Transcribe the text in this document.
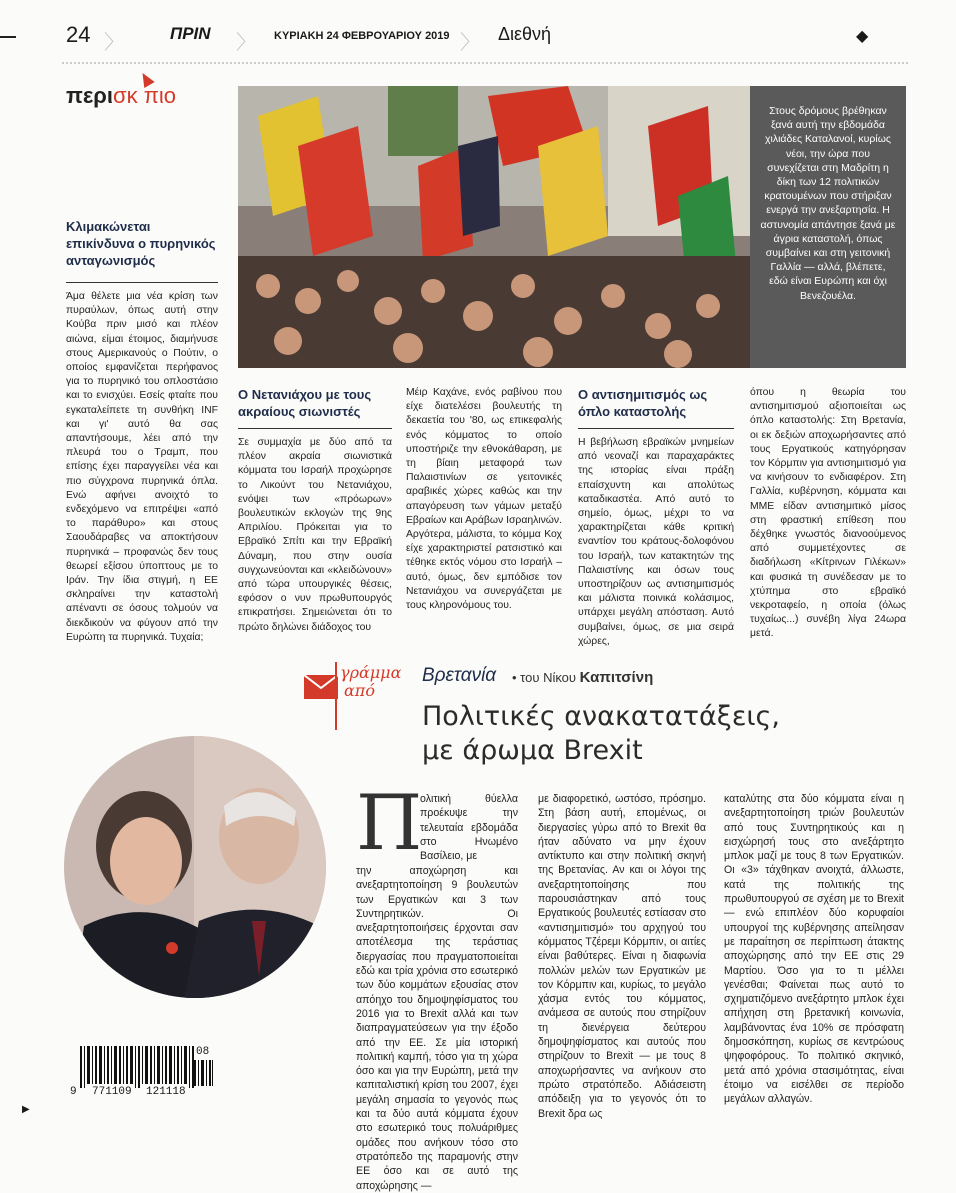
24 〉	ΠΡΙΝ 〉 ΚΥΡΙΑΚΗ 24 ΦΕΒΡΟΥΑΡΙΟΥ 2019 〉 Διεθνή	◆
περισκ πιο
Στους δρόμους βρέθηκαν ξανά αυτή την εβδομάδα χιλιάδες Καταλανοί, κυρίως νέοι, την ώρα που συνεχίζεται στη Μαδρίτη η δίκη των 12 πολιτικών κρατουμένων που στήριξαν ενεργά την ανεξαρτησία. Η αστυνομία απάντησε ξανά με άγρια καταστολή, όπως συμβαίνει και στη γειτονική Γαλλία — αλλά, βλέπετε, εδώ είναι Ευρώπη και όχι Βενεζουέλα.
Κλιμακώνεται επικίνδυνα ο πυρηνικός ανταγωνισμός
Άμα θέλετε μια νέα κρίση των πυραύλων, όπως αυτή στην Κούβα πριν μισό και πλέον αιώνα, είμαι έτοιμος, διαμήνυσε στους Αμερικανούς ο Πούτιν, ο οποίος εμφανίζεται περήφανος για το πυρηνικό του οπλοστάσιο και το ενισχύει. Εσείς φταίτε που εγκαταλείπετε τη συνθήκη INF και γι' αυτό θα σας απαντήσουμε, λέει από την πλευρά του ο Τραμπ, που επίσης έχει παραγγείλει νέα και πιο σύγχρονα πυρηνικά όπλα. Ενώ αφήνει ανοιχτό το ενδεχόμενο να επιτρέψει «από το παράθυρο» και στους Σαουδάραβες να αποκτήσουν πυρηνικά – προφανώς δεν τους θεωρεί εξίσου ύποπτους με το Ιράν. Την ίδια στιγμή, η ΕΕ σκληραίνει την καταστολή απέναντι σε όσους τολμούν να διεκδικούν να φύγουν από την Ευρώπη τα πυρηνικά. Τυχαία;
Ο Νετανιάχου με τους ακραίους σιωνιστές
Σε συμμαχία με δύο από τα πλέον ακραία σιωνιστικά κόμματα του Ισραήλ προχώρησε το Λικούντ του Νετανιάχου, ενόψει των «πρόωρων» βουλευτικών εκλογών της 9ης Απριλίου. Πρόκειται για το Εβραϊκό Σπίτι και την Εβραϊκή Δύναμη, που στην ουσία συγχωνεύονται και «κλειδώνουν» από τώρα υπουργικές θέσεις, εφόσον ο νυν πρωθυπουργός επικρατήσει. Σημειώνεται ότι το πρώτο δηλώνει διάδοχος του
Μέιρ Καχάνε, ενός ραβίνου που είχε διατελέσει βουλευτής τη δεκαετία του '80, ως επικεφαλής ενός κόμματος το οποίο υποστήριζε την εθνοκάθαρση, με τη βίαιη μεταφορά των Παλαιστινίων σε γειτονικές αραβικές χώρες καθώς και την απαγόρευση των γάμων μεταξύ Εβραίων και Αράβων Ισραηλινών. Αργότερα, μάλιστα, το κόμμα Κοχ είχε χαρακτηριστεί ρατσιστικό και τέθηκε εκτός νόμου στο Ισραήλ – αυτό, όμως, δεν εμπόδισε τον Νετανιάχου να συνεργάζεται με τους κληρονόμους του.
Ο αντισημιτισμός ως όπλο καταστολής
Η βεβήλωση εβραϊκών μνημείων από νεοναζί και παραχαράκτες της ιστορίας είναι πράξη επαίσχυντη και απολύτως καταδικαστέα. Από αυτό το σημείο, όμως, μέχρι το να χαρακτηρίζεται κάθε κριτική εναντίον του κράτους-δολοφόνου του Ισραήλ, των κατακτητών της Παλαιστίνης και όσων τους υποστηρίζουν ως αντισημιτισμός και μάλιστα ποινικά κολάσιμος, υπάρχει μεγάλη απόσταση. Αυτό συμβαίνει, όμως, σε μια σειρά χώρες,
όπου η θεωρία του αντισημιτισμού αξιοποιείται ως όπλο καταστολής: Στη Βρετανία, οι εκ δεξιών αποχωρήσαντες από τους Εργατικούς κατηγόρησαν τον Κόρμπιν για αντισημιτισμό για να κινήσουν το ενδιαφέρον. Στη Γαλλία, κυβέρνηση, κόμματα και ΜΜΕ είδαν αντισημιτικό μίσος στη φραστική επίθεση που δέχθηκε γνωστός διανοούμενος από συμμετέχοντες σε διαδήλωση «Κίτρινων Γιλέκων» και φυσικά τη συνέδεσαν με το χτύπημα στο εβραϊκό νεκροταφείο, η οποία (όλως τυχαίως...) συνέβη λίγα 24ωρα μετά.
γράμμα
από
Βρετανία • του Νίκου Καπιτσίνη
Πολιτικές ανακατατάξεις,
με άρωμα Brexit
Π
ολιτική θύελλα προέκυψε την τελευταία εβδομάδα στο Ηνωμένο Βασίλειο, με
την αποχώρηση και ανεξαρτητοποίηση 9 βουλευτών των Εργατικών και 3 των Συντηρητικών. Οι ανεξαρτητοποιήσεις έρχονται σαν αποτέλεσμα της τεράστιας διεργασίας που πραγματοποιείται εδώ και τρία χρόνια στο εσωτερικό των δύο κομμάτων εξουσίας στον απόηχο του δημοψηφίσματος του 2016 για το Brexit αλλά και των διαπραγματεύσεων για την έξοδο από την ΕΕ. Σε μία ιστορική πολιτική καμπή, τόσο για τη χώρα όσο και για την Ευρώπη, μετά την καπιταλιστική κρίση του 2007, έχει μεγάλη σημασία το γεγονός πως και τα δύο αυτά κόμματα έχουν στο εσωτερικό τους πολυάριθμες ομάδες που ανήκουν τόσο στο στρατόπεδο της παραμονής στην ΕΕ όσο και σε αυτό της αποχώρησης —
με διαφορετικό, ωστόσο, πρόσημο. Στη βάση αυτή, επομένως, οι διεργασίες γύρω από το Brexit θα ήταν αδύνατο να μην έχουν αντίκτυπο και στην πολιτική σκηνή της Βρετανίας. Αν και οι λόγοι της ανεξαρτητοποίησης που παρουσιάστηκαν από τους Εργατικούς βουλευτές εστίασαν στο «αντισημιτισμό» του αρχηγού του κόμματος Τζέρεμι Κόρμπιν, οι αιτίες είναι βαθύτερες. Είναι η διαφωνία πολλών μελών των Εργατικών με τον Κόρμπιν και, κυρίως, το μεγάλο χάσμα εντός του κόμματος, ανάμεσα σε αυτούς που στηρίζουν τη διενέργεια δεύτερου δημοψηφίσματος και αυτούς που στηρίζουν το Brexit — με τους 8 αποχωρήσαντες να ανήκουν στο πρώτο στρατόπεδο. Αδιάσειστη απόδειξη για το γεγονός ότι το Brexit δρα ως
καταλύτης στα δύο κόμματα είναι η ανεξαρτητοποίηση τριών βουλευτών από τους Συντηρητικούς και η εισχώρησή τους στο ανεξάρτητο μπλοκ μαζί με τους 8 των Εργατικών. Οι «3» τάχθηκαν ανοιχτά, άλλωστε, κατά της πολιτικής της πρωθυπουργού σε σχέση με το Brexit — ενώ επιπλέον δύο κορυφαίοι υπουργοί της κυβέρνησης απείλησαν με παραίτηση σε περίπτωση άτακτης αποχώρησης από την ΕΕ στις 29 Μαρτίου. Όσο για το τι μέλλει γενέσθαι; Φαίνεται πως αυτό το σχηματιζόμενο ανεξάρτητο μπλοκ έχει απήχηση στη βρετανική κοινωνία, λαμβάνοντας ένα 10% σε πρόσφατη δημοσκόπηση, κυρίως σε κεντρώους ψηφοφόρους. Το πολιτικό σκηνικό, μετά από χρόνια στασιμότητας, είναι έτοιμο να εισέλθει σε περίοδο μεγάλων αλλαγών.
08
9 771109 121118
▶
